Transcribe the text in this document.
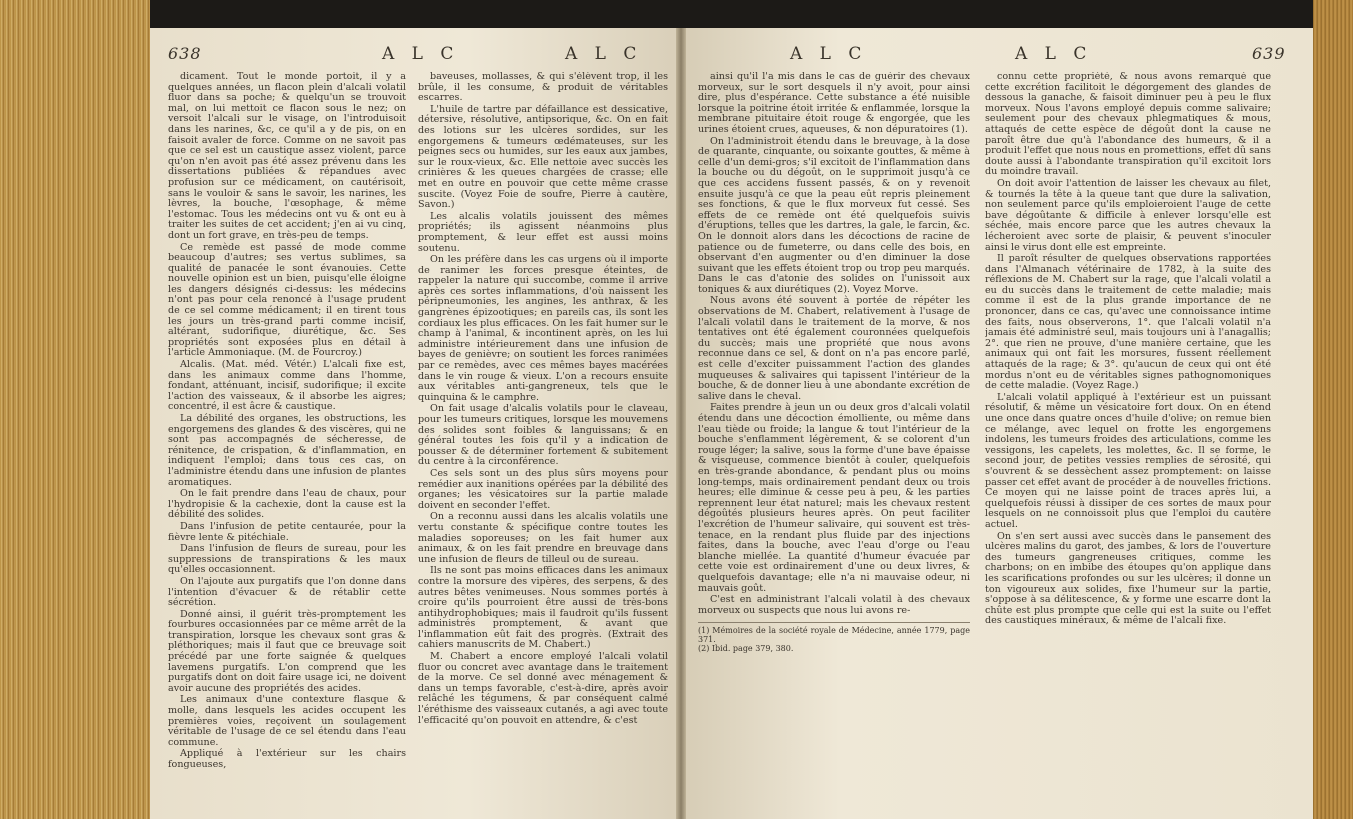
638	A L C	A L C	A L C	A L C	639

dicament. Tout le monde portoit, il y a quelques années, un flacon plein d'alcali volatil fluor dans sa poche; & quelqu'un se trouvoit mal, on lui mettoit ce flacon sous le nez; on versoit l'alcali sur le visage, on l'introduisoit dans les narines, &c, ce qu'il a y de pis, on en faisoit avaler de force. Comme on ne savoit pas que ce sel est un caustique assez violent, parce qu'on n'en avoit pas été assez prévenu dans les dissertations publiées & répandues avec profusion sur ce médicament, on cautérisoit, sans le vouloir & sans le savoir, les narines, les lèvres, la bouche, l'œsophage, & même l'estomac. Tous les médecins ont vu & ont eu à traiter les suites de cet accident; j'en ai vu cinq, dont un fort grave, en très-peu de temps.

Ce remède est passé de mode comme beaucoup d'autres; ses vertus sublimes, sa qualité de panacée le sont évanouies. Cette nouvelle opinion est un bien, puisqu'elle éloigne les dangers désignés ci-dessus: les médecins n'ont pas pour cela renoncé à l'usage prudent de ce sel comme médicament; il en tirent tous les jours un très-grand parti comme incisif, altérant, sudorifique, diurétique, &c. Ses propriétés sont exposées plus en détail à l'article Ammoniaque. (M. de Fourcroy.)

Alcalis. (Mat. méd. Vétér.) L'alcali fixe est, dans les animaux comme dans l'homme, fondant, atténuant, incisif, sudorifique; il excite l'action des vaisseaux, & il absorbe les aigres; concentré, il est âcre & caustique.

La débilité des organes, les obstructions, les engorgemens des glandes & des viscères, qui ne sont pas accompagnés de sécheresse, de rénitence, de crispation, & d'inflammation, en indiquent l'emploi; dans tous ces cas, on l'administre étendu dans une infusion de plantes aromatiques.

On le fait prendre dans l'eau de chaux, pour l'hydropisie & la cachexie, dont la cause est la débilité des solides.

Dans l'infusion de petite centaurée, pour la fièvre lente & pitéchiale.

Dans l'infusion de fleurs de sureau, pour les suppressions de transpirations & les maux qu'elles occasionnent.

On l'ajoute aux purgatifs que l'on donne dans l'intention d'évacuer & de rétablir cette sécrétion.

Donné ainsi, il guérit très-promptement les fourbures occasionnées par ce même arrêt de la transpiration, lorsque les chevaux sont gras & pléthoriques; mais il faut que ce breuvage soit précédé par une forte saignée & quelques lavemens purgatifs. L'on comprend que les purgatifs dont on doit faire usage ici, ne doivent avoir aucune des propriétés des acides.

Les animaux d'une contexture flasque & molle, dans lesquels les acides occupent les premières voies, reçoivent un soulagement véritable de l'usage de ce sel étendu dans l'eau commune.

Appliqué à l'extérieur sur les chairs fongueuses,

baveuses, mollasses, & qui s'élèvent trop, il les brûle, il les consume, & produit de véritables escarres.

L'huile de tartre par défaillance est dessicative, détersive, résolutive, antipsorique, &c. On en fait des lotions sur les ulcères sordides, sur les engorgemens & tumeurs œdémateuses, sur les peignes secs ou humides, sur les eaux aux jambes, sur le roux-vieux, &c. Elle nettoie avec succès les crinières & les queues chargées de crasse; elle met en outre en pouvoir que cette même crasse suscite. (Voyez Foie de soufre, Pierre à cautère, Savon.)

Les alcalis volatils jouissent des mêmes propriétés; ils agissent néanmoins plus promptement, & leur effet est aussi moins soutenu.

On les préfère dans les cas urgens où il importe de ranimer les forces presque éteintes, de rappeler la nature qui succombe, comme il arrive après ces sortes inflammations, d'où naissent les péripneumonies, les angines, les anthrax, & les gangrènes épizootiques; en pareils cas, ils sont les cordiaux les plus efficaces. On les fait humer sur le champ à l'animal, & incontinent après, on les lui administre intérieurement dans une infusion de bayes de genièvre; on soutient les forces ranimées par ce remèdes, avec ces mêmes bayes macérées dans le vin rouge & vieux. L'on a recours ensuite aux véritables anti-gangreneux, tels que le quinquina & le camphre.

On fait usage d'alcalis volatils pour le claveau, pour les tumeurs critiques, lorsque les mouvemens des solides sont foibles & languissans; & en général toutes les fois qu'il y a indication de pousser & de déterminer fortement & subitement du centre à la circonférence.

Ces sels sont un des plus sûrs moyens pour remédier aux inanitions opérées par la débilité des organes; les vésicatoires sur la partie malade doivent en seconder l'effet.

On a reconnu aussi dans les alcalis volatils une vertu constante & spécifique contre toutes les maladies soporeuses; on les fait humer aux animaux, & on les fait prendre en breuvage dans une infusion de fleurs de tilleul ou de sureau.

Ils ne sont pas moins efficaces dans les animaux contre la morsure des vipères, des serpens, & des autres bêtes venimeuses. Nous sommes portés à croire qu'ils pourroient être aussi de très-bons antihydrophobiques; mais il faudroit qu'ils fussent administrés promptement, & avant que l'inflammation eût fait des progrès. (Extrait des cahiers manuscrits de M. Chabert.)

M. Chabert a encore employé l'alcali volatil fluor ou concret avec avantage dans le traitement de la morve. Ce sel donné avec ménagement & dans un temps favorable, c'est-à-dire, après avoir relâché les tégumens, & par conséquent calmé l'éréthisme des vaisseaux cutanés, a agi avec toute l'efficacité qu'on pouvoit en attendre, & c'est

ainsi qu'il l'a mis dans le cas de guérir des chevaux morveux, sur le sort desquels il n'y avoit, pour ainsi dire, plus d'espérance. Cette substance a été nuisible lorsque la poitrine étoit irritée & enflammée, lorsque la membrane pituitaire étoit rouge & engorgée, que les urines étoient crues, aqueuses, & non dépuratoires (1).

On l'administroit étendu dans le breuvage, à la dose de quarante, cinquante, ou soixante gouttes, & même à celle d'un demi-gros; s'il excitoit de l'inflammation dans la bouche ou du dégoût, on le supprimoit jusqu'à ce que ces accidens fussent passés, & on y revenoit ensuite jusqu'à ce que la peau eût repris pleinement ses fonctions, & que le flux morveux fut cessé. Ses effets de ce remède ont été quelquefois suivis d'éruptions, telles que les dartres, la gale, le farcin, &c. On le donnoit alors dans les décoctions de racine de patience ou de fumeterre, ou dans celle des bois, en observant d'en augmenter ou d'en diminuer la dose suivant que les effets étoient trop ou trop peu marqués. Dans le cas d'atonie des solides on l'unissoit aux toniques & aux diurétiques (2). Voyez Morve.

Nous avons été souvent à portée de répéter les observations de M. Chabert, relativement à l'usage de l'alcali volatil dans le traitement de la morve, & nos tentatives ont été également couronnées quelquefois du succès; mais une propriété que nous avons reconnue dans ce sel, & dont on n'a pas encore parlé, est celle d'exciter puissamment l'action des glandes muqueuses & salivaires qui tapissent l'intérieur de la bouche, & de donner lieu à une abondante excrétion de salive dans le cheval.

Faites prendre à jeun un ou deux gros d'alcali volatil étendu dans une décoction émolliente, ou même dans l'eau tiède ou froide; la langue & tout l'intérieur de la bouche s'enflamment légèrement, & se colorent d'un rouge léger; la salive, sous la forme d'une bave épaisse & visqueuse, commence bientôt à couler, quelquefois en très-grande abondance, & pendant plus ou moins long-temps, mais ordinairement pendant deux ou trois heures; elle diminue & cesse peu à peu, & les parties reprennent leur état naturel; mais les chevaux restent dégoûtés plusieurs heures après. On peut faciliter l'excrétion de l'humeur salivaire, qui souvent est très-tenace, en la rendant plus fluide par des injections faites, dans la bouche, avec l'eau d'orge ou l'eau blanche miellée. La quantité d'humeur évacuée par cette voie est ordinairement d'une ou deux livres, & quelquefois davantage; elle n'a ni mauvaise odeur, ni mauvais goût.

C'est en administrant l'alcali volatil à des chevaux morveux ou suspects que nous lui avons re-

(1) Mémoires de la société royale de Médecine, année 1779, page 371.
(2) Ibid. page 379, 380.

connu cette propriété, & nous avons remarqué que cette excrétion facilitoit le dégorgement des glandes de dessous la ganache, & faisoit diminuer peu à peu le flux morveux. Nous l'avons employé depuis comme salivaire; seulement pour des chevaux phlegmatiques & mous, attaqués de cette espèce de dégoût dont la cause ne paroît être due qu'à l'abondance des humeurs, & il a produit l'effet que nous nous en promettions, effet dû sans doute aussi à l'abondante transpiration qu'il excitoit lors du moindre travail.

On doit avoir l'attention de laisser les chevaux au filet, & tournés la tête à la queue tant que dure la salivation, non seulement parce qu'ils emploieroient l'auge de cette bave dégoûtante & difficile à enlever lorsqu'elle est séchée, mais encore parce que les autres chevaux la lécheroient avec sorte de plaisir, & peuvent s'inoculer ainsi le virus dont elle est empreinte.

Il paroît résulter de quelques observations rapportées dans l'Almanach vétérinaire de 1782, à la suite des réflexions de M. Chabert sur la rage, que l'alcali volatil a eu du succès dans le traitement de cette maladie; mais comme il est de la plus grande importance de ne prononcer, dans ce cas, qu'avec une connoissance intime des faits, nous observerons, 1°. que l'alcali volatil n'a jamais été administré seul, mais toujours uni à l'anagallis; 2°. que rien ne prouve, d'une manière certaine, que les animaux qui ont fait les morsures, fussent réellement attaqués de la rage; & 3°. qu'aucun de ceux qui ont été mordus n'ont eu de véritables signes pathognomoniques de cette maladie. (Voyez Rage.)

L'alcali volatil appliqué à l'extérieur est un puissant résolutif, & même un vésicatoire fort doux. On en étend une once dans quatre onces d'huile d'olive; on remue bien ce mélange, avec lequel on frotte les engorgemens indolens, les tumeurs froides des articulations, comme les vessigons, les capelets, les molettes, &c. Il se forme, le second jour, de petites vessies remplies de sérosité, qui s'ouvrent & se dessèchent assez promptement: on laisse passer cet effet avant de procéder à de nouvelles frictions. Ce moyen qui ne laisse point de traces après lui, a quelquefois réussi à dissiper de ces sortes de maux pour lesquels on ne connoissoit plus que l'emploi du cautère actuel.

On s'en sert aussi avec succès dans le pansement des ulcères malins du garot, des jambes, & lors de l'ouverture des tumeurs gangreneuses critiques, comme les charbons; on en imbibe des étoupes qu'on applique dans les scarifications profondes ou sur les ulcères; il donne un ton vigoureux aux solides, fixe l'humeur sur la partie, s'oppose à sa délitescence, & y forme une escarre dont la chûte est plus prompte que celle qui est la suite ou l'effet des caustiques minéraux, & même de l'alcali fixe.
